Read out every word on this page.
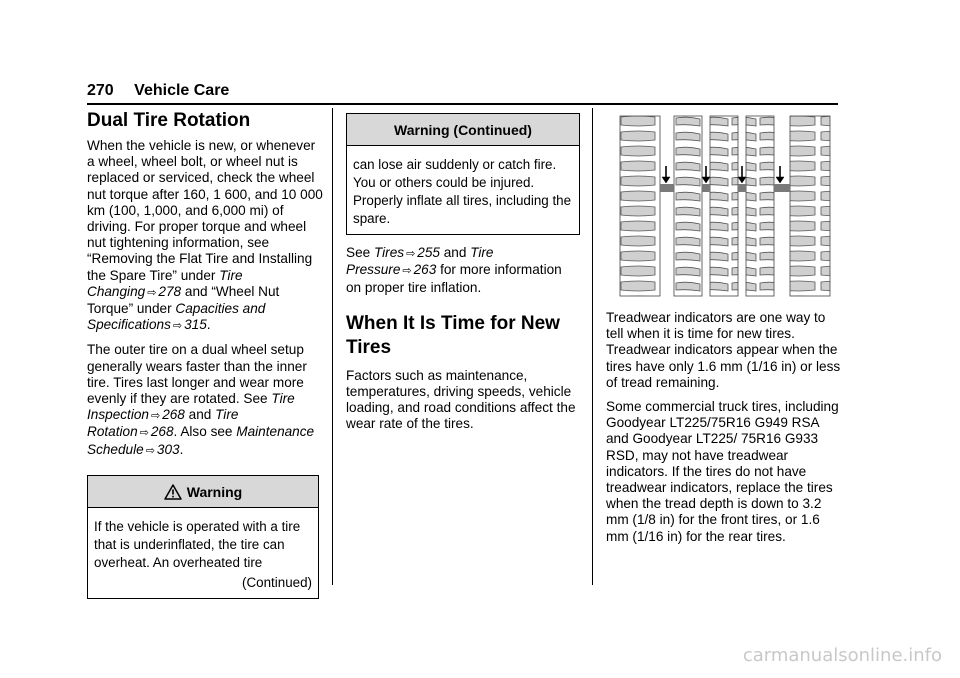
270 Vehicle Care
Dual Tire Rotation

When the vehicle is new, or whenever a wheel, wheel bolt, or wheel nut is replaced or serviced, check the wheel nut torque after 160, 1 600, and 10 000 km (100, 1,000, and 6,000 mi) of driving. For proper torque and wheel nut tightening information, see “Removing the Flat Tire and Installing the Spare Tire” under Tire Changing ⇨ 278 and “Wheel Nut Torque” under Capacities and Specifications ⇨ 315.

The outer tire on a dual wheel setup generally wears faster than the inner tire. Tires last longer and wear more evenly if they are rotated. See Tire Inspection ⇨ 268 and Tire Rotation ⇨ 268. Also see Maintenance Schedule ⇨ 303.

Warning
If the vehicle is operated with a tire that is underinflated, the tire can overheat. An overheated tire
(Continued)
Warning (Continued)
can lose air suddenly or catch fire. You or others could be injured. Properly inflate all tires, including the spare.

See Tires ⇨ 255 and Tire Pressure ⇨ 263 for more information on proper tire inflation.

When It Is Time for New Tires

Factors such as maintenance, temperatures, driving speeds, vehicle loading, and road conditions affect the wear rate of the tires.

Treadwear indicators are one way to tell when it is time for new tires. Treadwear indicators appear when the tires have only 1.6 mm (1/16 in) or less of tread remaining.

Some commercial truck tires, including Goodyear LT225/75R16 G949 RSA and Goodyear LT225/ 75R16 G933 RSD, may not have treadwear indicators. If the tires do not have treadwear indicators, replace the tires when the tread depth is down to 3.2 mm (1/8 in) for the front tires, or 1.6 mm (1/16 in) for the rear tires.

carmanualsonline.info
